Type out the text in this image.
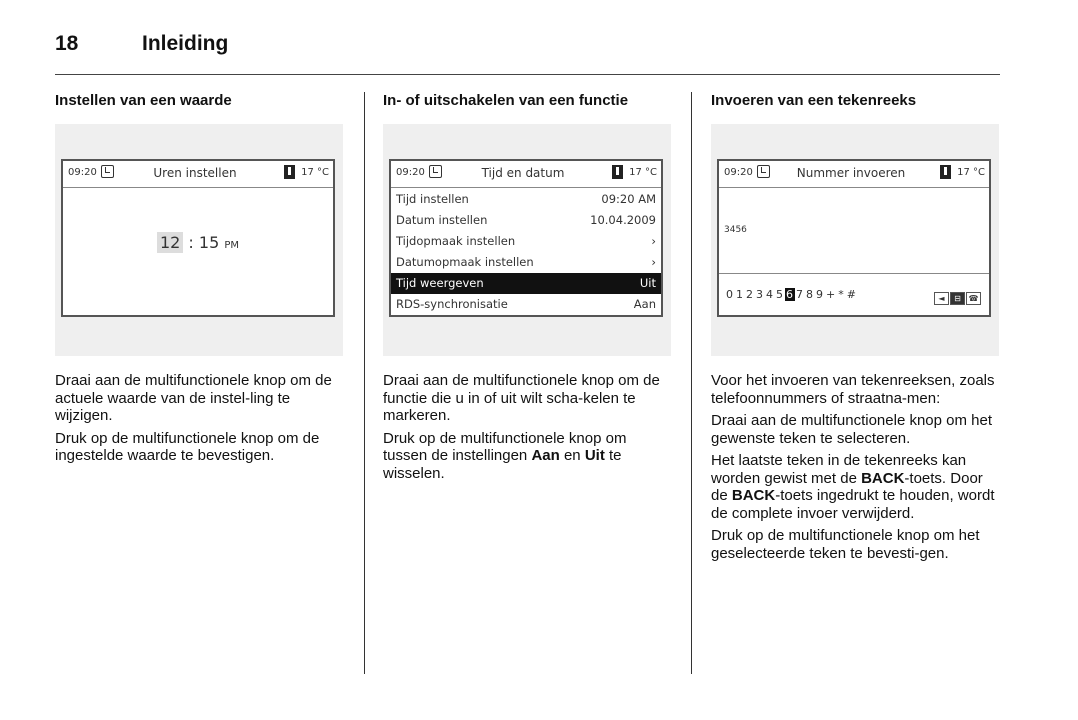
18	Inleiding
Instellen van een waarde
09:20	Uren instellen	17 °C
12 : 15 PM

Draai aan de multifunctionele knop om de actuele waarde van de instel-ling te wijzigen.

Druk op de multifunctionele knop om de ingestelde waarde te bevestigen.

In- of uitschakelen van een functie
09:20	Tijd en datum	17 °C
Tijd instellen	09:20 AM
Datum instellen	10.04.2009
Tijdopmaak instellen	›
Datumopmaak instellen	›
Tijd weergeven	Uit
RDS-synchronisatie	Aan

Draai aan de multifunctionele knop om de functie die u in of uit wilt scha-kelen te markeren.

Druk op de multifunctionele knop om tussen de instellingen Aan en Uit te wisselen.

Invoeren van een tekenreeks
09:20	Nummer invoeren	17 °C
3456
0 1 2 3 4 5 6 7 8 9 + * #	◄ ⊟ ☎

Voor het invoeren van tekenreeksen, zoals telefoonnummers of straatna-men:

Draai aan de multifunctionele knop om het gewenste teken te selecteren.

Het laatste teken in de tekenreeks kan worden gewist met de BACK-toets. Door de BACK-toets ingedrukt te houden, wordt de complete invoer verwijderd.

Druk op de multifunctionele knop om het geselecteerde teken te bevesti-gen.
